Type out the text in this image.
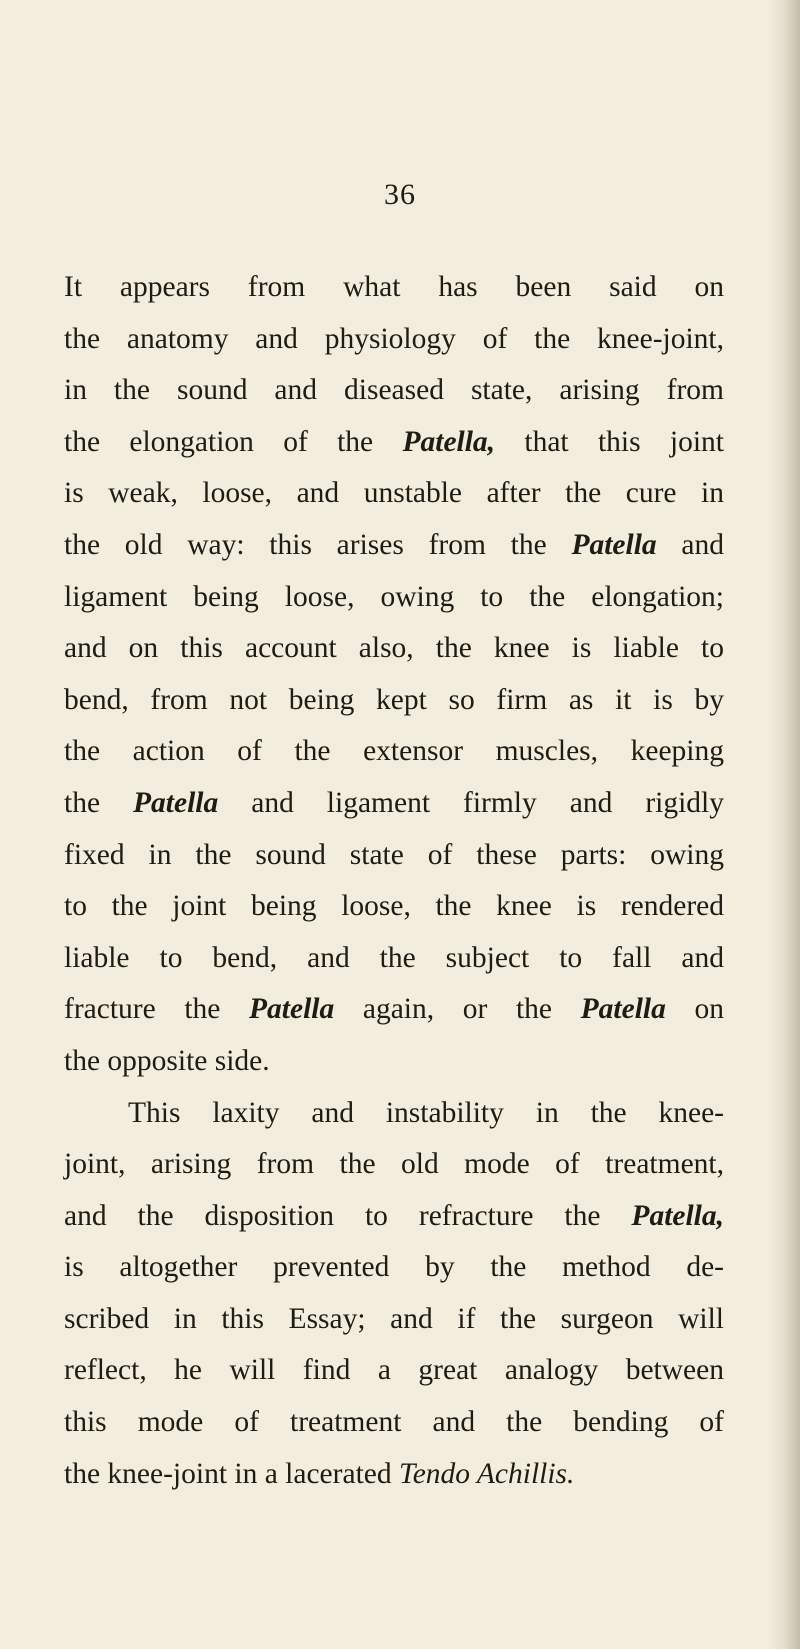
36
It appears from what has been said on
the anatomy and physiology of the knee-joint,
in the sound and diseased state, arising from
the elongation of the Patella, that this joint
is weak, loose, and unstable after the cure in
the old way: this arises from the Patella and
ligament being loose, owing to the elongation;
and on this account also, the knee is liable to
bend, from not being kept so firm as it is by
the action of the extensor muscles, keeping
the Patella and ligament firmly and rigidly
fixed in the sound state of these parts: owing
to the joint being loose, the knee is rendered
liable to bend, and the subject to fall and
fracture the Patella again, or the Patella on
the opposite side.
This laxity and instability in the knee-
joint, arising from the old mode of treatment,
and the disposition to refracture the Patella,
is altogether prevented by the method de-
scribed in this Essay; and if the surgeon will
reflect, he will find a great analogy between
this mode of treatment and the bending of
the knee-joint in a lacerated Tendo Achillis.
